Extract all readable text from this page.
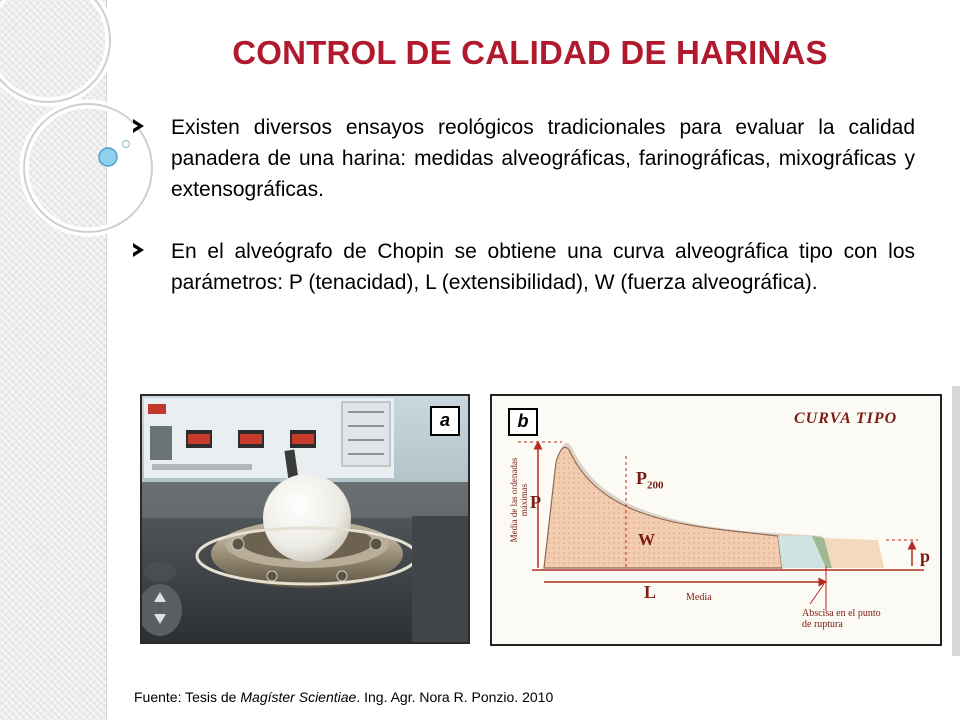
CONTROL DE CALIDAD DE HARINAS
Existen diversos ensayos reológicos tradicionales para evaluar la calidad panadera de una harina: medidas alveográficas, farinográficas, mixográficas y extensográficas.
En el alveógrafo de Chopin se obtiene una curva alveográfica tipo con los parámetros: P (tenacidad), L (extensibilidad), W (fuerza alveográfica).
a	b	CURVA TIPO
Media de las ordenadas máximas P
$P_{200}$
W
L	Media
p
Abscisa en el punto
de ruptura
Fuente: Tesis de Magíster Scientiae. Ing. Agr. Nora R. Ponzio. 2010
